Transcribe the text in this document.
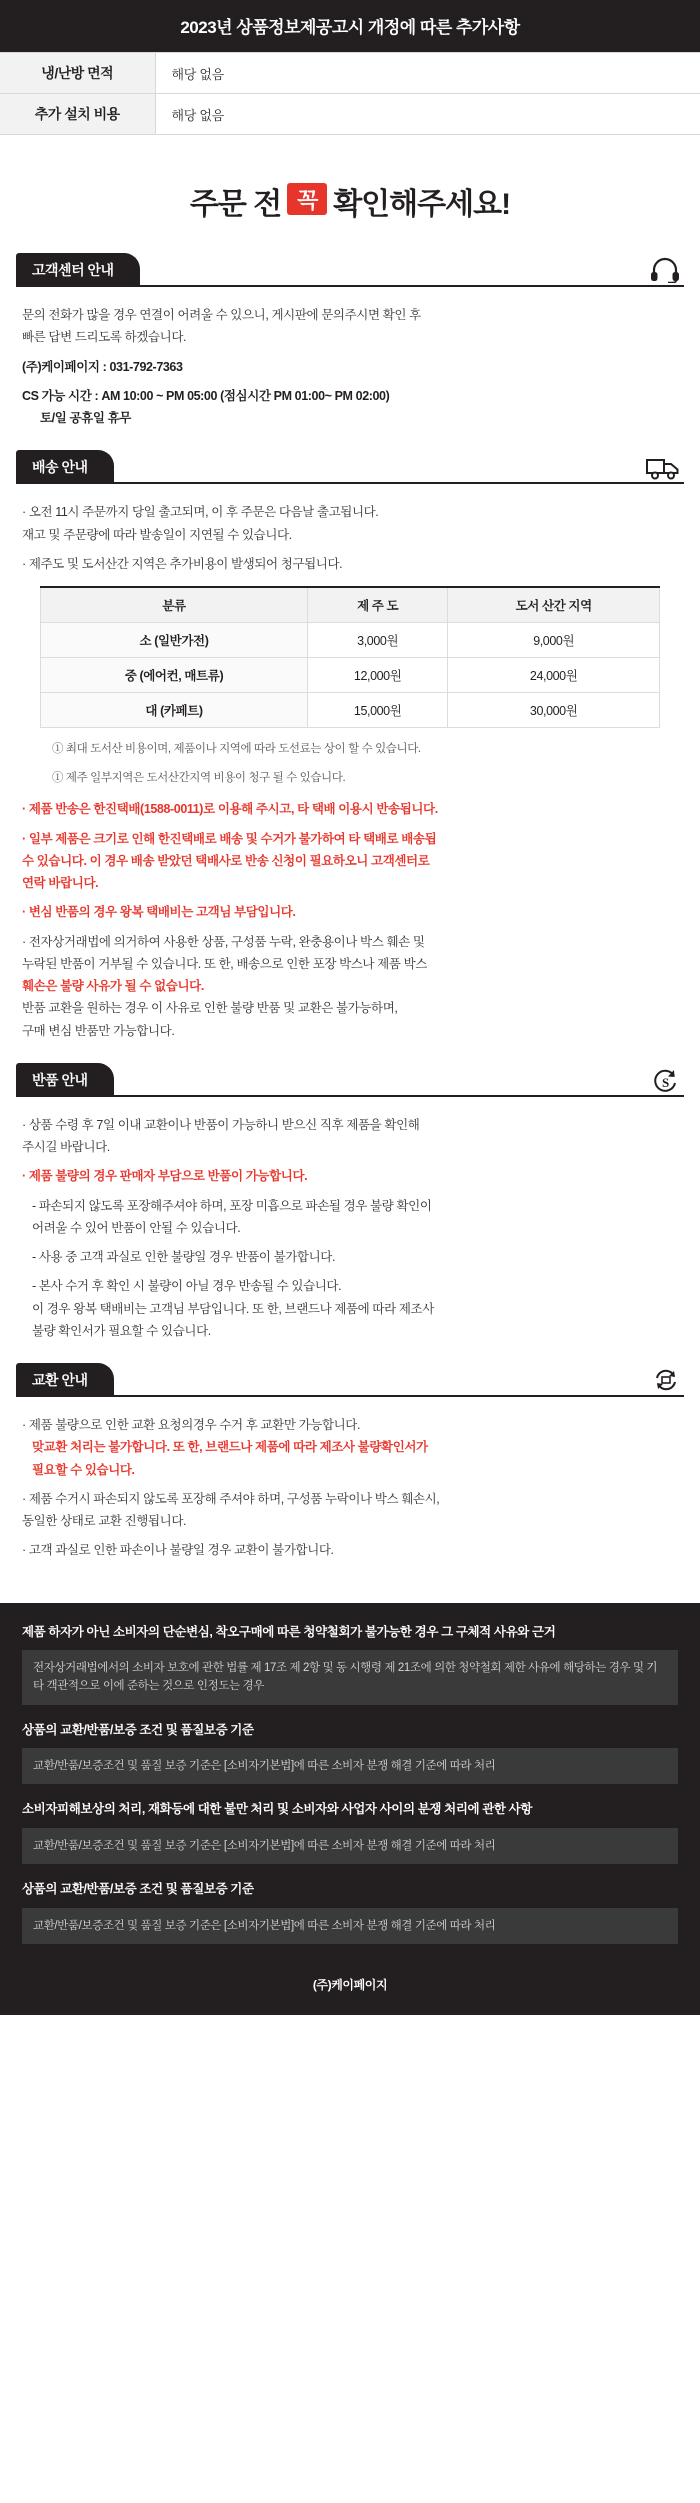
2023년 상품정보제공고시 개정에 따른 추가사항
냉/난방 면적	해당 없음
추가 설치 비용	해당 없음
주문 전 꼭 확인해주세요!
고객센터 안내

문의 전화가 많을 경우 연결이 어려울 수 있으니, 게시판에 문의주시면 확인 후

빠른 답변 드리도록 하겠습니다.

(주)케이페이지 : 031-792-7363

CS 가능 시간 : AM 10:00 ~ PM 05:00 (점심시간 PM 01:00~ PM 02:00)

토/일 공휴일 휴무

배송 안내

· 오전 11시 주문까지 당일 출고되며, 이 후 주문은 다음날 출고됩니다.

재고 및 주문량에 따라 발송일이 지연될 수 있습니다.

· 제주도 및 도서산간 지역은 추가비용이 발생되어 청구됩니다.

분류	제 주 도	도서 산간 지역
소 (일반가전)	3,000원	9,000원
중 (에어컨, 매트류)	12,000원	24,000원
대 (카페트)	15,000원	30,000원

① 최대 도서산 비용이며, 제품이나 지역에 따라 도선료는 상이 할 수 있습니다.

① 제주 일부지역은 도서산간지역 비용이 청구 될 수 있습니다.

· 제품 반송은 한진택배(1588-0011)로 이용해 주시고, 타 택배 이용시 반송됩니다.

· 일부 제품은 크기로 인해 한진택배로 배송 및 수거가 불가하여 타 택배로 배송됩

수 있습니다. 이 경우 배송 받았던 택배사로 반송 신청이 필요하오니 고객센터로

연락 바랍니다.

· 변심 반품의 경우 왕복 택배비는 고객님 부담입니다.

· 전자상거래법에 의거하여 사용한 상품, 구성품 누락, 완충용이나 박스 훼손 및

누락된 반품이 거부될 수 있습니다. 또 한, 배송으로 인한 포장 박스나 제품 박스

훼손은 불량 사유가 될 수 없습니다.

반품 교환을 원하는 경우 이 사유로 인한 불량 반품 및 교환은 불가능하며,

구매 변심 반품만 가능합니다.

반품 안내	S

· 상품 수령 후 7일 이내 교환이나 반품이 가능하니 받으신 직후 제품을 확인해

주시길 바랍니다.

· 제품 불량의 경우 판매자 부담으로 반품이 가능합니다.

- 파손되지 않도록 포장해주셔야 하며, 포장 미흡으로 파손될 경우 불량 확인이

어려울 수 있어 반품이 안될 수 있습니다.

- 사용 중 고객 과실로 인한 불량일 경우 반품이 불가합니다.

- 본사 수거 후 확인 시 불량이 아닐 경우 반송될 수 있습니다.

이 경우 왕복 택배비는 고객님 부담입니다. 또 한, 브랜드나 제품에 따라 제조사

불량 확인서가 필요할 수 있습니다.

교환 안내

· 제품 불량으로 인한 교환 요청의경우 수거 후 교환만 가능합니다.

맞교환 처리는 불가합니다. 또 한, 브랜드나 제품에 따라 제조사 불량확인서가

필요할 수 있습니다.

· 제품 수거시 파손되지 않도록 포장해 주셔야 하며, 구성품 누락이나 박스 훼손시,

동일한 상태로 교환 진행됩니다.

· 고객 과실로 인한 파손이나 불량일 경우 교환이 불가합니다.

제품 하자가 아닌 소비자의 단순변심, 착오구매에 따른 청약철회가 불가능한 경우 그 구체적 사유와 근거
전자상거래법에서의 소비자 보호에 관한 법률 제 17조 제 2항 및 동 시행령 제 21조에 의한 청약철회 제한 사유에 해당하는 경우 및 기타 객관적으로 이에 준하는 것으로 인정도는 경우
상품의 교환/반품/보증 조건 및 품질보증 기준
교환/반품/보증조건 및 품질 보증 기준은 [소비자기본법]에 따른 소비자 분쟁 해결 기준에 따라 처리
소비자피해보상의 처리, 재화등에 대한 불만 처리 및 소비자와 사업자 사이의 분쟁 처리에 관한 사항
교환/반품/보증조건 및 품질 보증 기준은 [소비자기본법]에 따른 소비자 분쟁 해결 기준에 따라 처리
상품의 교환/반품/보증 조건 및 품질보증 기준
교환/반품/보증조건 및 품질 보증 기준은 [소비자기본법]에 따른 소비자 분쟁 해결 기준에 따라 처리
(주)케이페이지
